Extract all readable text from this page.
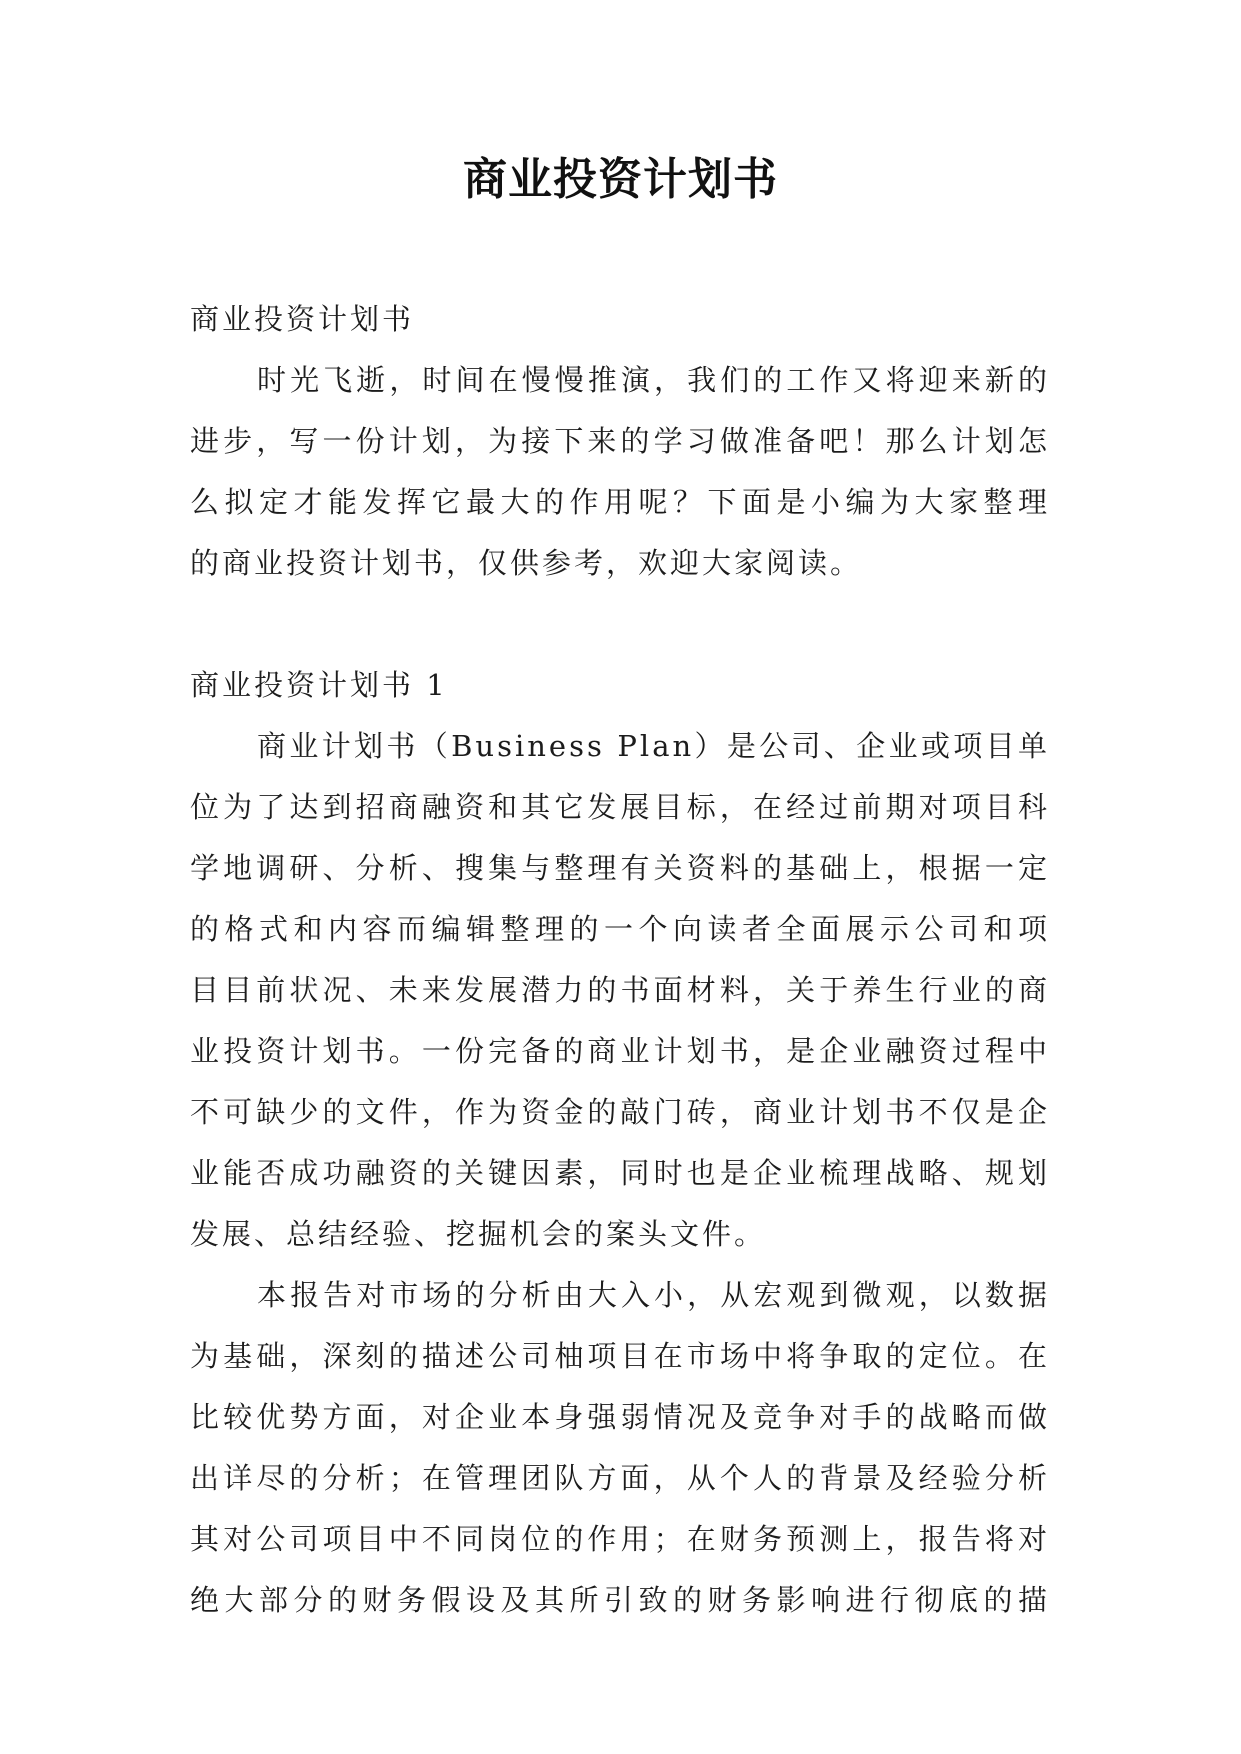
商业投资计划书
商业投资计划书
时光飞逝，时间在慢慢推演，我们的工作又将迎来新的
进步，写一份计划，为接下来的学习做准备吧！那么计划怎
么拟定才能发挥它最大的作用呢？下面是小编为大家整理
的商业投资计划书，仅供参考，欢迎大家阅读。
商业投资计划书 1
商业计划书（Business Plan）是公司、企业或项目单
位为了达到招商融资和其它发展目标，在经过前期对项目科
学地调研、分析、搜集与整理有关资料的基础上，根据一定
的格式和内容而编辑整理的一个向读者全面展示公司和项
目目前状况、未来发展潜力的书面材料，关于养生行业的商
业投资计划书。一份完备的商业计划书，是企业融资过程中
不可缺少的文件，作为资金的敲门砖，商业计划书不仅是企
业能否成功融资的关键因素，同时也是企业梳理战略、规划
发展、总结经验、挖掘机会的案头文件。
本报告对市场的分析由大入小，从宏观到微观，以数据
为基础，深刻的描述公司柚项目在市场中将争取的定位。在
比较优势方面，对企业本身强弱情况及竞争对手的战略而做
出详尽的分析；在管理团队方面，从个人的背景及经验分析
其对公司项目中不同岗位的作用；在财务预测上，报告将对
绝大部分的财务假设及其所引致的财务影响进行彻底的描
